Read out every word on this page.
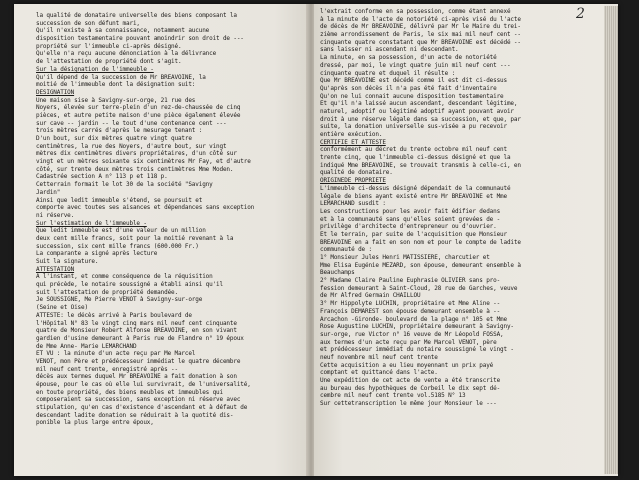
la qualité de donataire universelle des biens composant la
succession de son défunt mari,
Qu'il n'existe à sa connaissance, notamment aucune
disposition testamentaire pouvant amoindrir son droit de ---
propriété sur l'immeuble ci-après désigné.
Qu'elle n'a reçu aucune dénonciation à la délivrance
de l'attestation de propriété dont s'agit.
Sur la désignation de l'immeuble -
Qu'il dépend de la succession de Mr BREAVOINE, la
moitié de l'immeuble dont la désignation suit:
DESIGNATION
Une maison sise à Savigny-sur-orge, 21 rue des
Noyers, élevée sur terre-plein d'un rez-de-chaussée de cinq
pièces, et autre petite maison d'une pièce également élevée
sur cave -- jardin -- le tout d'une contenance cent ---
trois mètres carrés d'après le mesurage tenant :
D'un bout, sur dix mètres quatre vingt quatre
centimètres, la rue des Noyers, d'autre bout, sur vingt
mètres dix centimètres divers propriétaires, d'un côté sur
vingt et un mètres soixante six centimètres Mr Fay, et d'autre
côté, sur trente deux mètres trois centimètres Mme Moden.
Cadastrée section A n° 113 p et 118 p.
Cetterrain formait le lot 30 de la société "Savigny
Jardin"
Ainsi que ledit immeuble s'étend, se poursuit et
comporte avec toutes ses aisances et dépendances sans exception
ni réserve.
Sur l'estimation de l'immeuble -
Que ledit immeuble est d'une valeur de un million
deux cent mille francs, soit pour la moitié revenant à la
succession, six cent mille francs (600.000 Fr.)
La comparante a signé après lecture
Suit la signature.
ATTESTATION
A l'instant, et comme conséquence de la réquisition
qui précède, le notaire soussigné a établi ainsi qu'il
suit l'attestation de propriété demandée.
Je SOUSSIGNE, Me Pierre VENOT à Savigny-sur-orge
(Seine et Oise)
ATTESTE: le décès arrivé à Paris boulevard de
l'Hôpital N° 83 le vingt cinq mars mil neuf cent cinquante
quatre de Monsieur Robert Alfonse BREAVOINE, en son vivant
gardien d'usine demeurant à Paris rue de Flandre n° 19 époux
de Mme Anne- Marie LEMARCHAND
ET VU : la minute d'un acte reçu par Me Marcel
VENOT, mon Père et prédécesseur immédiat le quatre décembre
mil neuf cent trente, enregistré après --
décès aux termes duquel Mr BREAVOINE a fait donation à son
épouse, pour le cas où elle lui survivrait, de l'universalité,
en toute propriété, des biens meubles et immeubles qui
composeraient sa succession, sans exception ni réserve avec
stipulation, qu'en cas d'existence d'ascendant et à défaut de
descendant ladite donation se réduirait à la quotité dis-
ponible la plus large entre époux,
l'extrait conforme en sa possession, comme étant annexé
à la minute de l'acte de notoriété ci-après visé du l'acte
de décès de Mr BREAVOINE, délivré par Mr le Maire du trei-
zième arrondissement de Paris, le six mai mil neuf cent --
cinquante quatre constatant que Mr BREAVOINE est décédé --
sans laisser ni ascendant ni descendant.
La minute, en sa possession, d'un acte de notoriété
dressé, par moi, le vingt quatre juin mil neuf cent ---
cinquante quatre et duquel il résulte :
Que Mr BREAVOINE est décédé comme il est dit ci-dessus
Qu'après son décès il n'a pas été fait d'inventaire
Qu'on ne lui connait aucune disposition testamentaire
Et qu'il n'a laissé aucun ascendant, descendant légitime,
naturel, adoptif ou légitimé adoptif ayant pouvant avoir
droit à une réserve légale dans sa succession, et que, par
suite, la donation universelle sus-visée a pu recevoir
entière exécution.
CERTIFIE ET ATTESTE
conformément au décret du trente octobre mil neuf cent
trente cinq, que l'immeuble ci-dessus désigné et que la
indiqué Mme BREAVOINE, se trouvait transmis à celle-ci, en
qualité de donataire.
ORIGINEDE PROPRIETE
L'immeuble ci-dessus désigné dépendait de la communauté
légale de biens ayant existé entre Mr BREAVOINE et Mme
LEMARCHAND susdit :
Les constructions pour les avoir fait édifier dedans
et à la communauté sans qu'elles soient grevées de -
privilège d'architecte d'entrepreneur ou d'ouvrier.
Et le terrain, par suite de l'acquisition que Monsieur
BREAVOINE en a fait en son nom et pour le compte de ladite
communauté de :
1° Monsieur Jules Henri MATISSIERE, charcutier et
Mme Elisa Eugénie MEZARD, son épouse, demeurant ensemble à
Beauchamps
2° Madame Claire Pauline Euphrasie OLIVIER sans pro-
fession demeurant à Saint-Cloud, 28 rue de Garches, veuve
de Mr Alfred Germain CHAILLOU
3° Mr Hippolyte LUCHIN, propriétaire et Mme Aline --
François DEMAREST son épouse demeurant ensemble à --
Arcachon -Gironde- boulevard de la plage n° 105 et Mme
Rose Augustine LUCHIN, propriétaire demeurant à Savigny-
sur-orge, rue Victor n° 16 veuve de Mr Léopold FOSSA,
aux termes d'un acte reçu par Me Marcel VENOT, père
et prédécesseur immédiat du notaire soussigné le vingt -
neuf novembre mil neuf cent trente
Cette acquisition a eu lieu moyennant un prix payé
comptant et quittancé dans l'acte.
Une expédition de cet acte de vente a été transcrite
au bureau des hypothèques de Corbeil le dix sept dé-
cembre mil neuf cent trente vol.5185 N° 13
Sur cettetranscription le même jour Monsieur le ---
2
